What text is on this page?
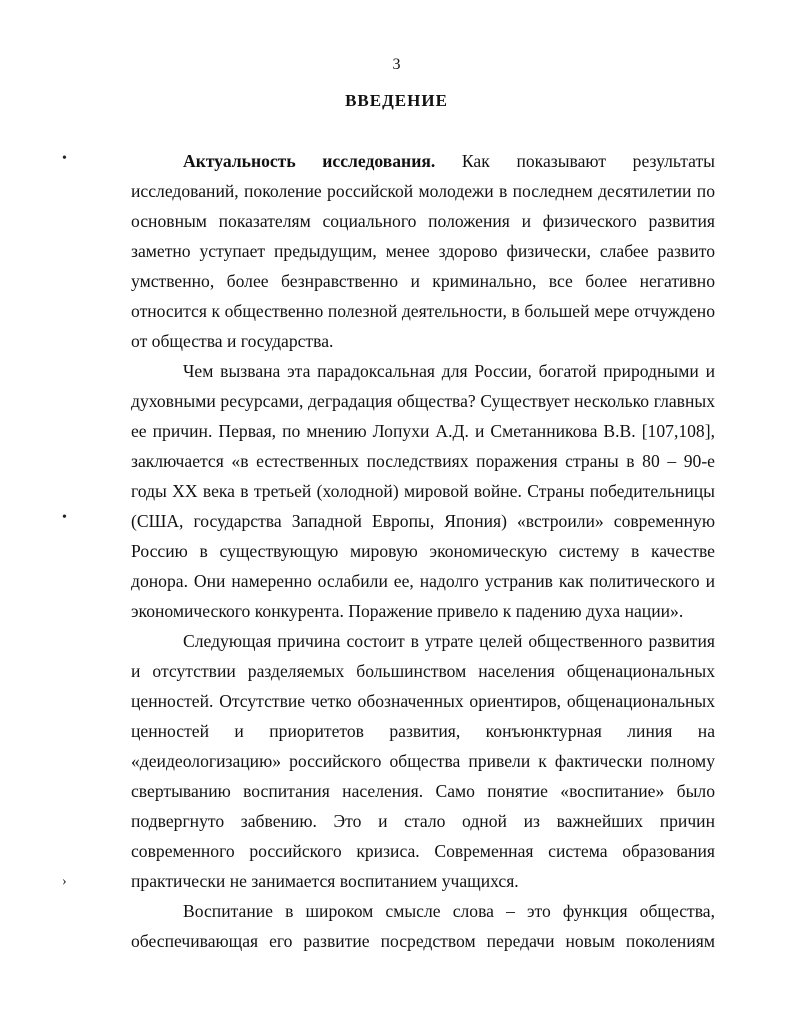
3
ВВЕДЕНИЕ
•
•
›
Актуальность исследования. Как показывают результаты
исследований, поколение российской молодежи в последнем десятилетии по
основным показателям социального положения и физического развития
заметно уступает предыдущим, менее здорово физически, слабее развито
умственно, более безнравственно и криминально, все более негативно
относится к общественно полезной деятельности, в большей мере отчуждено
от общества и государства.
Чем вызвана эта парадоксальная для России, богатой природными и
духовными ресурсами, деградация общества? Существует несколько главных
ее причин. Первая, по мнению Лопухи А.Д. и Сметанникова В.В. [107,108],
заключается «в естественных последствиях поражения страны в 80 – 90-е
годы XX века в третьей (холодной) мировой войне. Страны победительницы
(США, государства Западной Европы, Япония) «встроили» современную
Россию в существующую мировую экономическую систему в качестве
донора. Они намеренно ослабили ее, надолго устранив как политического и
экономического конкурента. Поражение привело к падению духа нации».
Следующая причина состоит в утрате целей общественного развития
и отсутствии разделяемых большинством населения общенациональных
ценностей. Отсутствие четко обозначенных ориентиров, общенациональных
ценностей и приоритетов развития, конъюнктурная линия на
«деидеологизацию» российского общества привели к фактически полному
свертыванию воспитания населения. Само понятие «воспитание» было
подвергнуто забвению. Это и стало одной из важнейших причин
современного российского кризиса. Современная система образования
практически не занимается воспитанием учащихся.
Воспитание в широком смысле слова – это функция общества,
обеспечивающая его развитие посредством передачи новым поколениям
